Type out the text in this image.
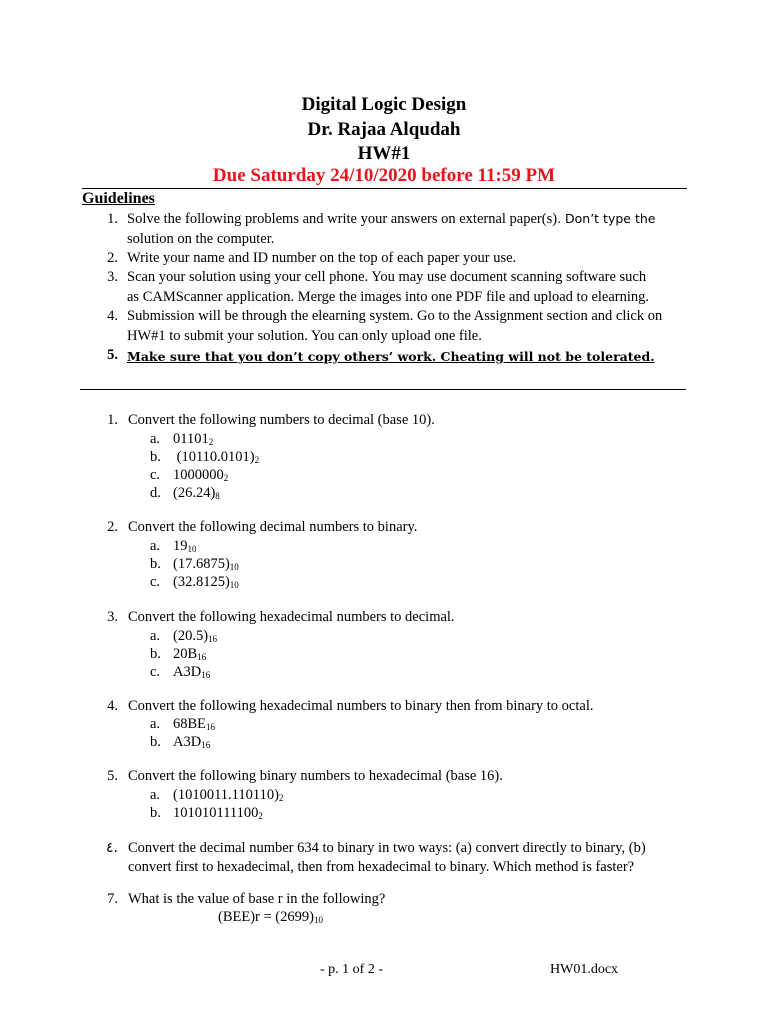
Digital Logic Design
Dr. Rajaa Alqudah
HW#1
Due Saturday 24/10/2020 before 11:59 PM
Guidelines
1. Solve the following problems and write your answers on external paper(s). Don’t type the
solution on the computer.
2. Write your name and ID number on the top of each paper your use.
3. Scan your solution using your cell phone. You may use document scanning software such
as CAMScanner application. Merge the images into one PDF file and upload to elearning.
4. Submission will be through the elearning system. Go to the Assignment section and click on
HW#1 to submit your solution. You can only upload one file.
5. Make sure that you don’t copy others’ work. Cheating will not be tolerated.
1. Convert the following numbers to decimal (base 10).
a. $01101_2$
b. $(10110.0101)_2$
c. $1000000_2$
d. $(26.24)_8$
2. Convert the following decimal numbers to binary.
a. $19_{10}$
b. $(17.6875)_{10}$
c. $(32.8125)_{10}$
3. Convert the following hexadecimal numbers to decimal.
a. $(20.5)_{16}$
b. $20B_{16}$
c. $A3D_{16}$
4. Convert the following hexadecimal numbers to binary then from binary to octal.
a. $68BE_{16}$
b. $A3D_{16}$
5. Convert the following binary numbers to hexadecimal (base 16).
a. $(1010011.110110)_2$
b. $101010111100_2$
٤. Convert the decimal number 634 to binary in two ways: (a) convert directly to binary, (b)
convert first to hexadecimal, then from hexadecimal to binary. Which method is faster?
7. What is the value of base r in the following?
$(BEE)r = (2699)_{10}$
- p. 1 of 2 -	HW01.docx
